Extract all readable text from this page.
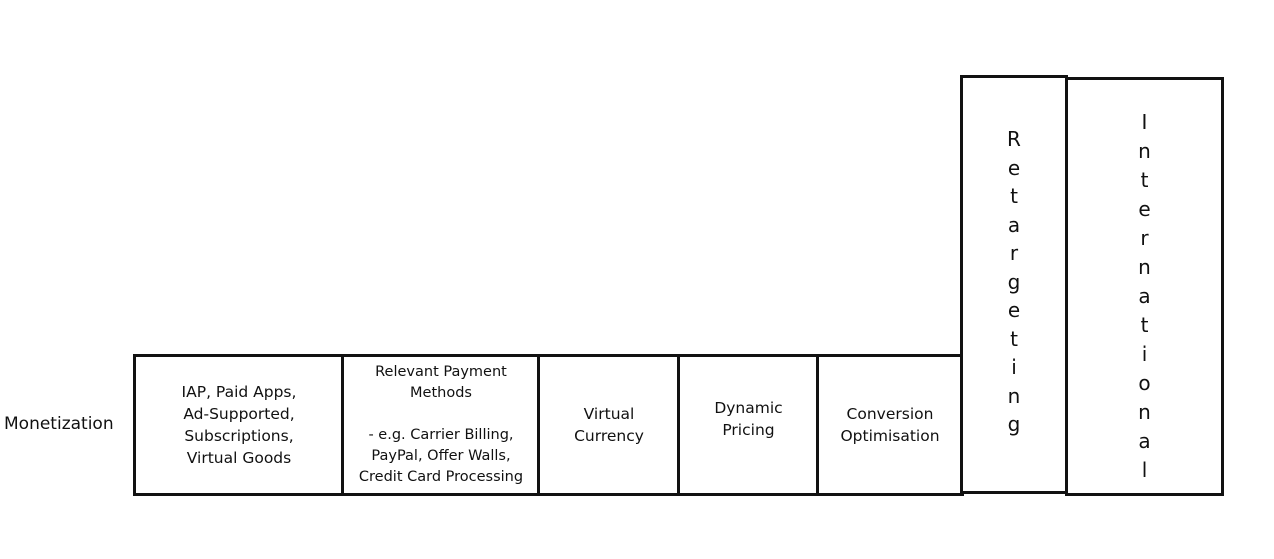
Monetization
IAP, Paid Apps,
Ad-Supported,
Subscriptions,
Virtual Goods
Relevant Payment
Methods

- e.g. Carrier Billing,
PayPal, Offer Walls,
Credit Card Processing
Virtual
Currency
Dynamic
Pricing
Conversion
Optimisation
R
e
t
a
r
g
e
t
i
n
g
I
n
t
e
r
n
a
t
i
o
n
a
l
